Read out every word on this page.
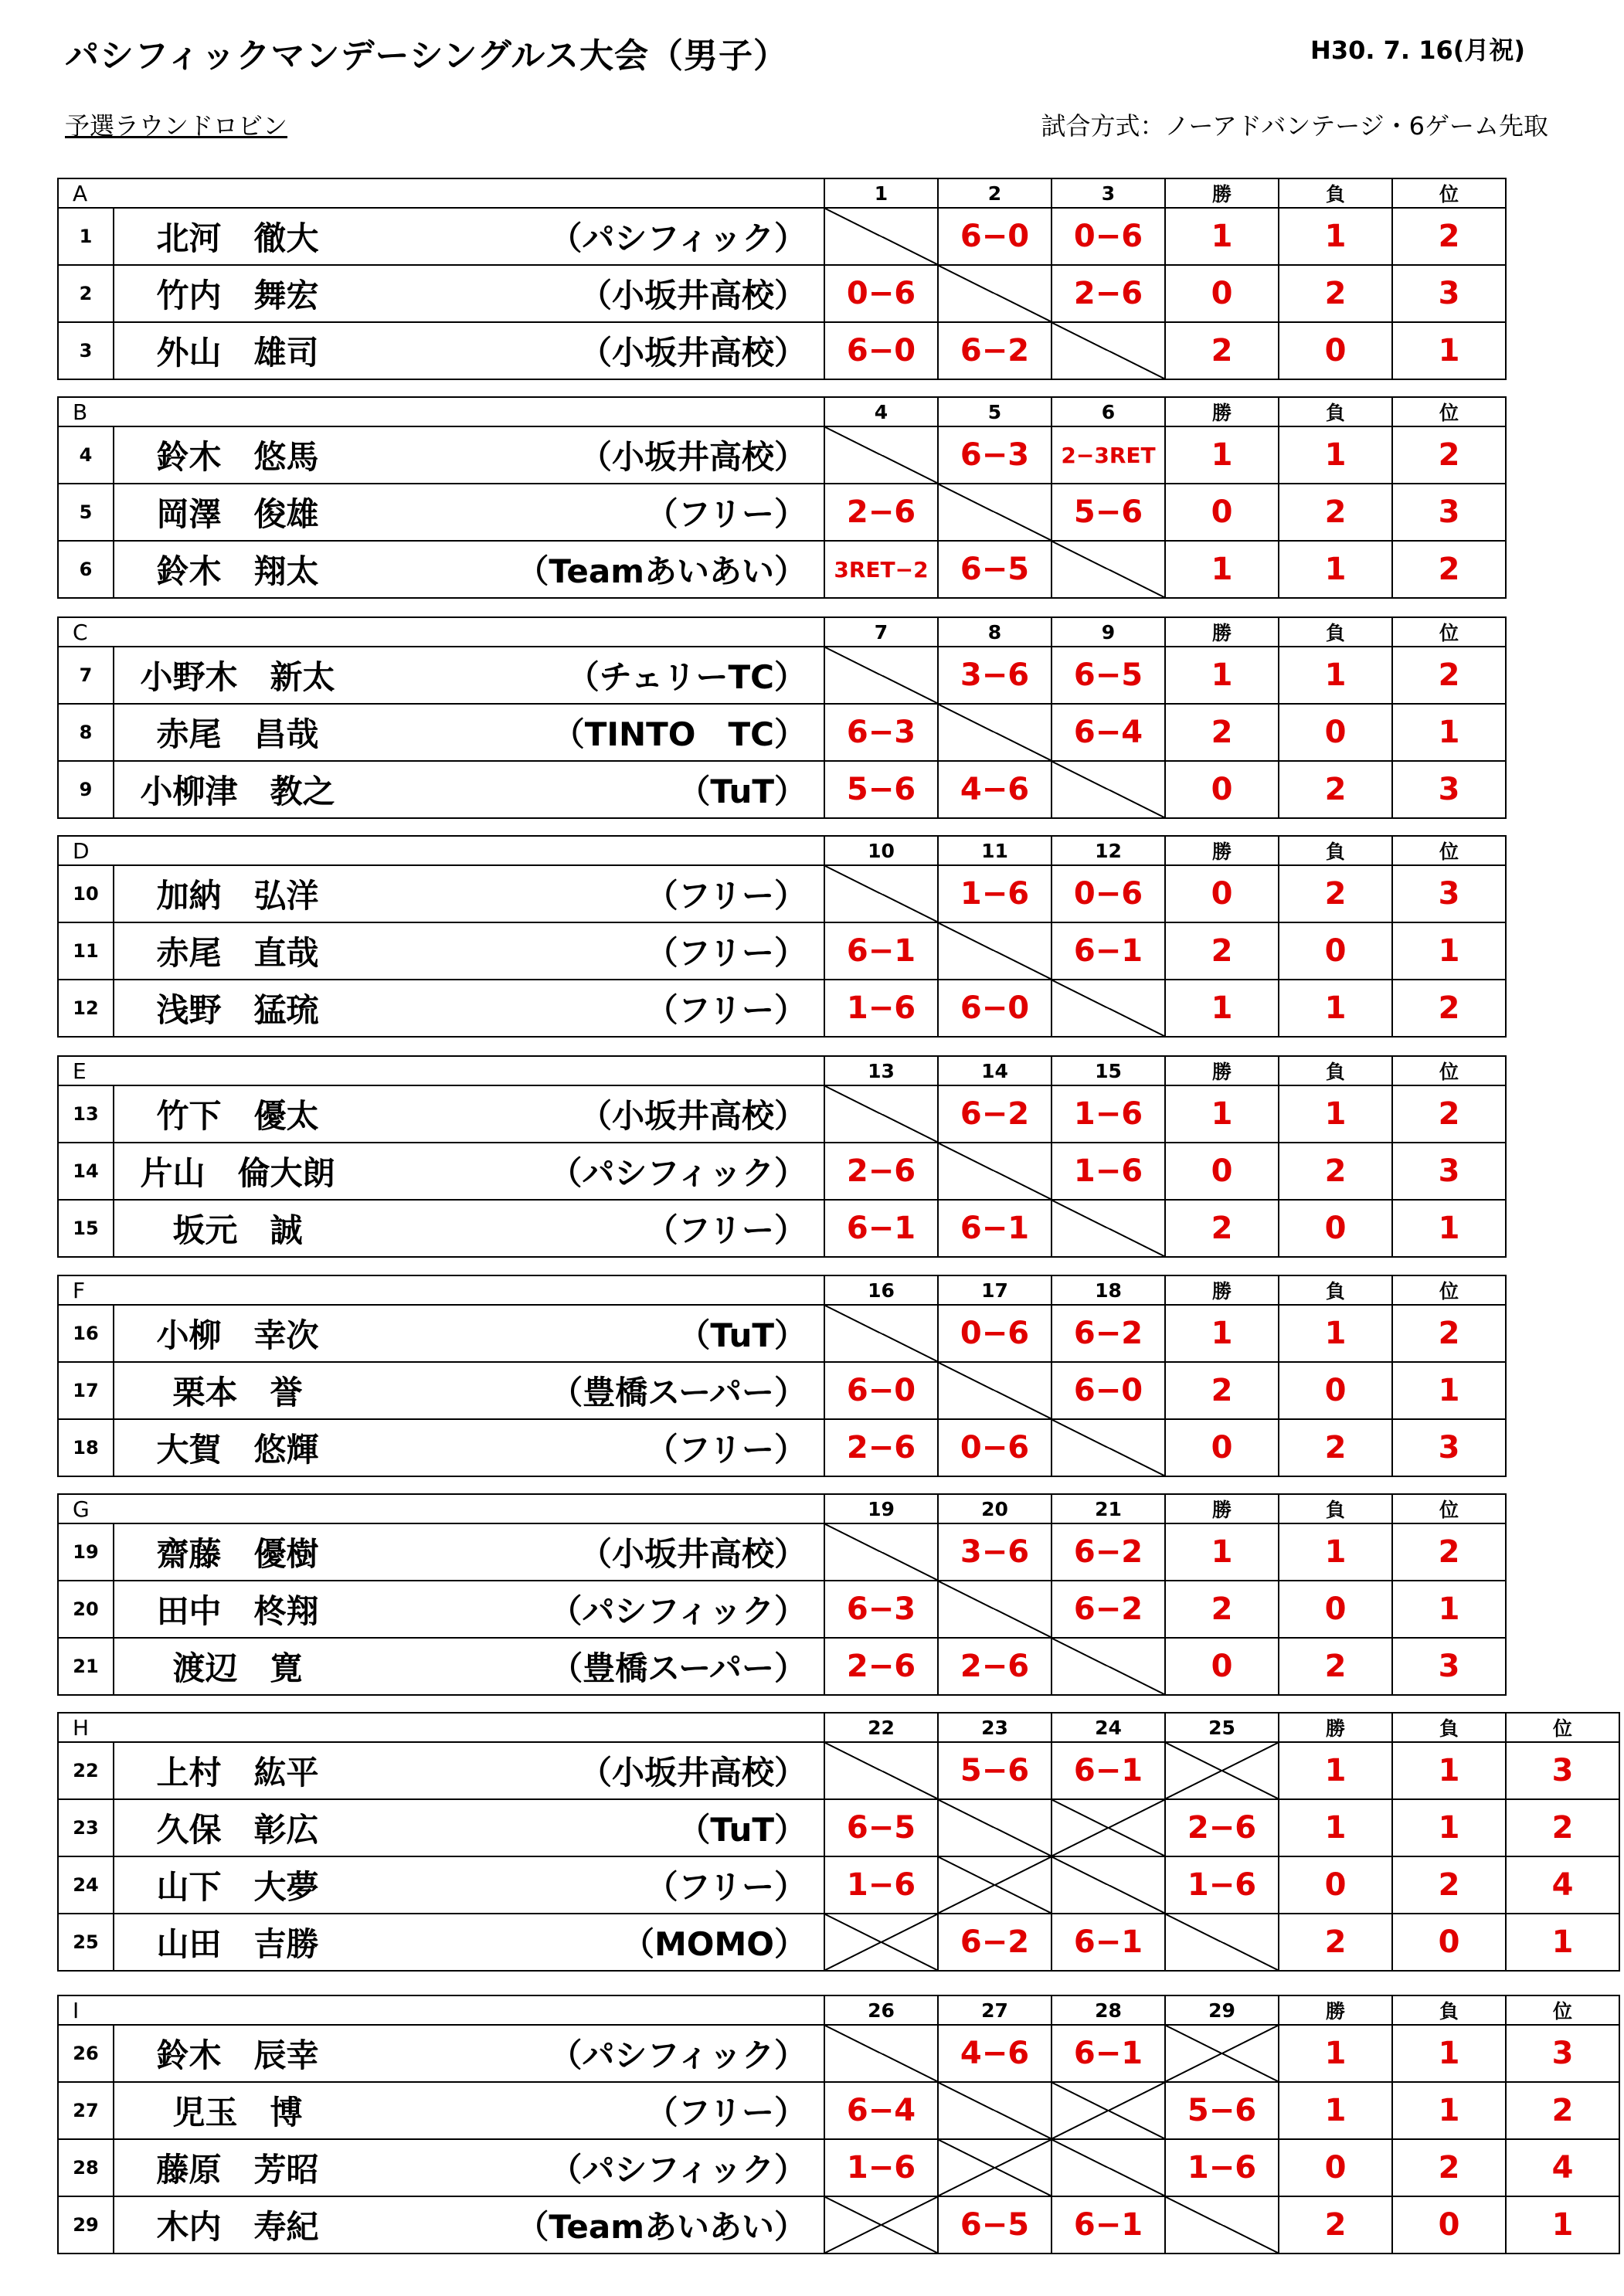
パシフィックマンデーシングルス大会（男子）	H30. 7. 16(月祝)
予選ラウンドロビン	試合方式：ノーアドバンテージ・6ゲーム先取
A			1	2	3	勝	負	位
1	北河　徹大	（パシフィック）		6−0	0−6	1	1	2
2	竹内　舞宏	（小坂井高校）	0−6		2−6	0	2	3
3	外山　雄司	（小坂井高校）	6−0	6−2		2	0	1
B			4	5	6	勝	負	位
4	鈴木　悠馬	（小坂井高校）		6−3	2−3RET	1	1	2
5	岡澤　俊雄	（フリー）	2−6		5−6	0	2	3
6	鈴木　翔太	（Teamあいあい）	3RET−2	6−5		1	1	2
C			7	8	9	勝	負	位
7	小野木　新太	（チェリーTC）		3−6	6−5	1	1	2
8	赤尾　昌哉	（TINTO　TC）	6−3		6−4	2	0	1
9	小柳津　教之	（TuT）	5−6	4−6		0	2	3
D			10	11	12	勝	負	位
10	加納　弘洋	（フリー）		1−6	0−6	0	2	3
11	赤尾　直哉	（フリー）	6−1		6−1	2	0	1
12	浅野　猛琉	（フリー）	1−6	6−0		1	1	2
E			13	14	15	勝	負	位
13	竹下　優太	（小坂井高校）		6−2	1−6	1	1	2
14	片山　倫大朗	（パシフィック）	2−6		1−6	0	2	3
15	坂元　誠	（フリー）	6−1	6−1		2	0	1
F			16	17	18	勝	負	位
16	小柳　幸次	（TuT）		0−6	6−2	1	1	2
17	栗本　誉	（豊橋スーパー）	6−0		6−0	2	0	1
18	大賀　悠輝	（フリー）	2−6	0−6		0	2	3
G			19	20	21	勝	負	位
19	齋藤　優樹	（小坂井高校）		3−6	6−2	1	1	2
20	田中　柊翔	（パシフィック）	6−3		6−2	2	0	1
21	渡辺　寛	（豊橋スーパー）	2−6	2−6		0	2	3
H			22	23	24	25	勝	負	位
22	上村　紘平	（小坂井高校）		5−6	6−1		1	1	3
23	久保　彰広	（TuT）	6−5			2−6	1	1	2
24	山下　大夢	（フリー）	1−6			1−6	0	2	4
25	山田　吉勝	（MOMO）		6−2	6−1		2	0	1
I			26	27	28	29	勝	負	位
26	鈴木　辰幸	（パシフィック）		4−6	6−1		1	1	3
27	児玉　博	（フリー）	6−4			5−6	1	1	2
28	藤原　芳昭	（パシフィック）	1−6			1−6	0	2	4
29	木内　寿紀	（Teamあいあい）		6−5	6−1		2	0	1
